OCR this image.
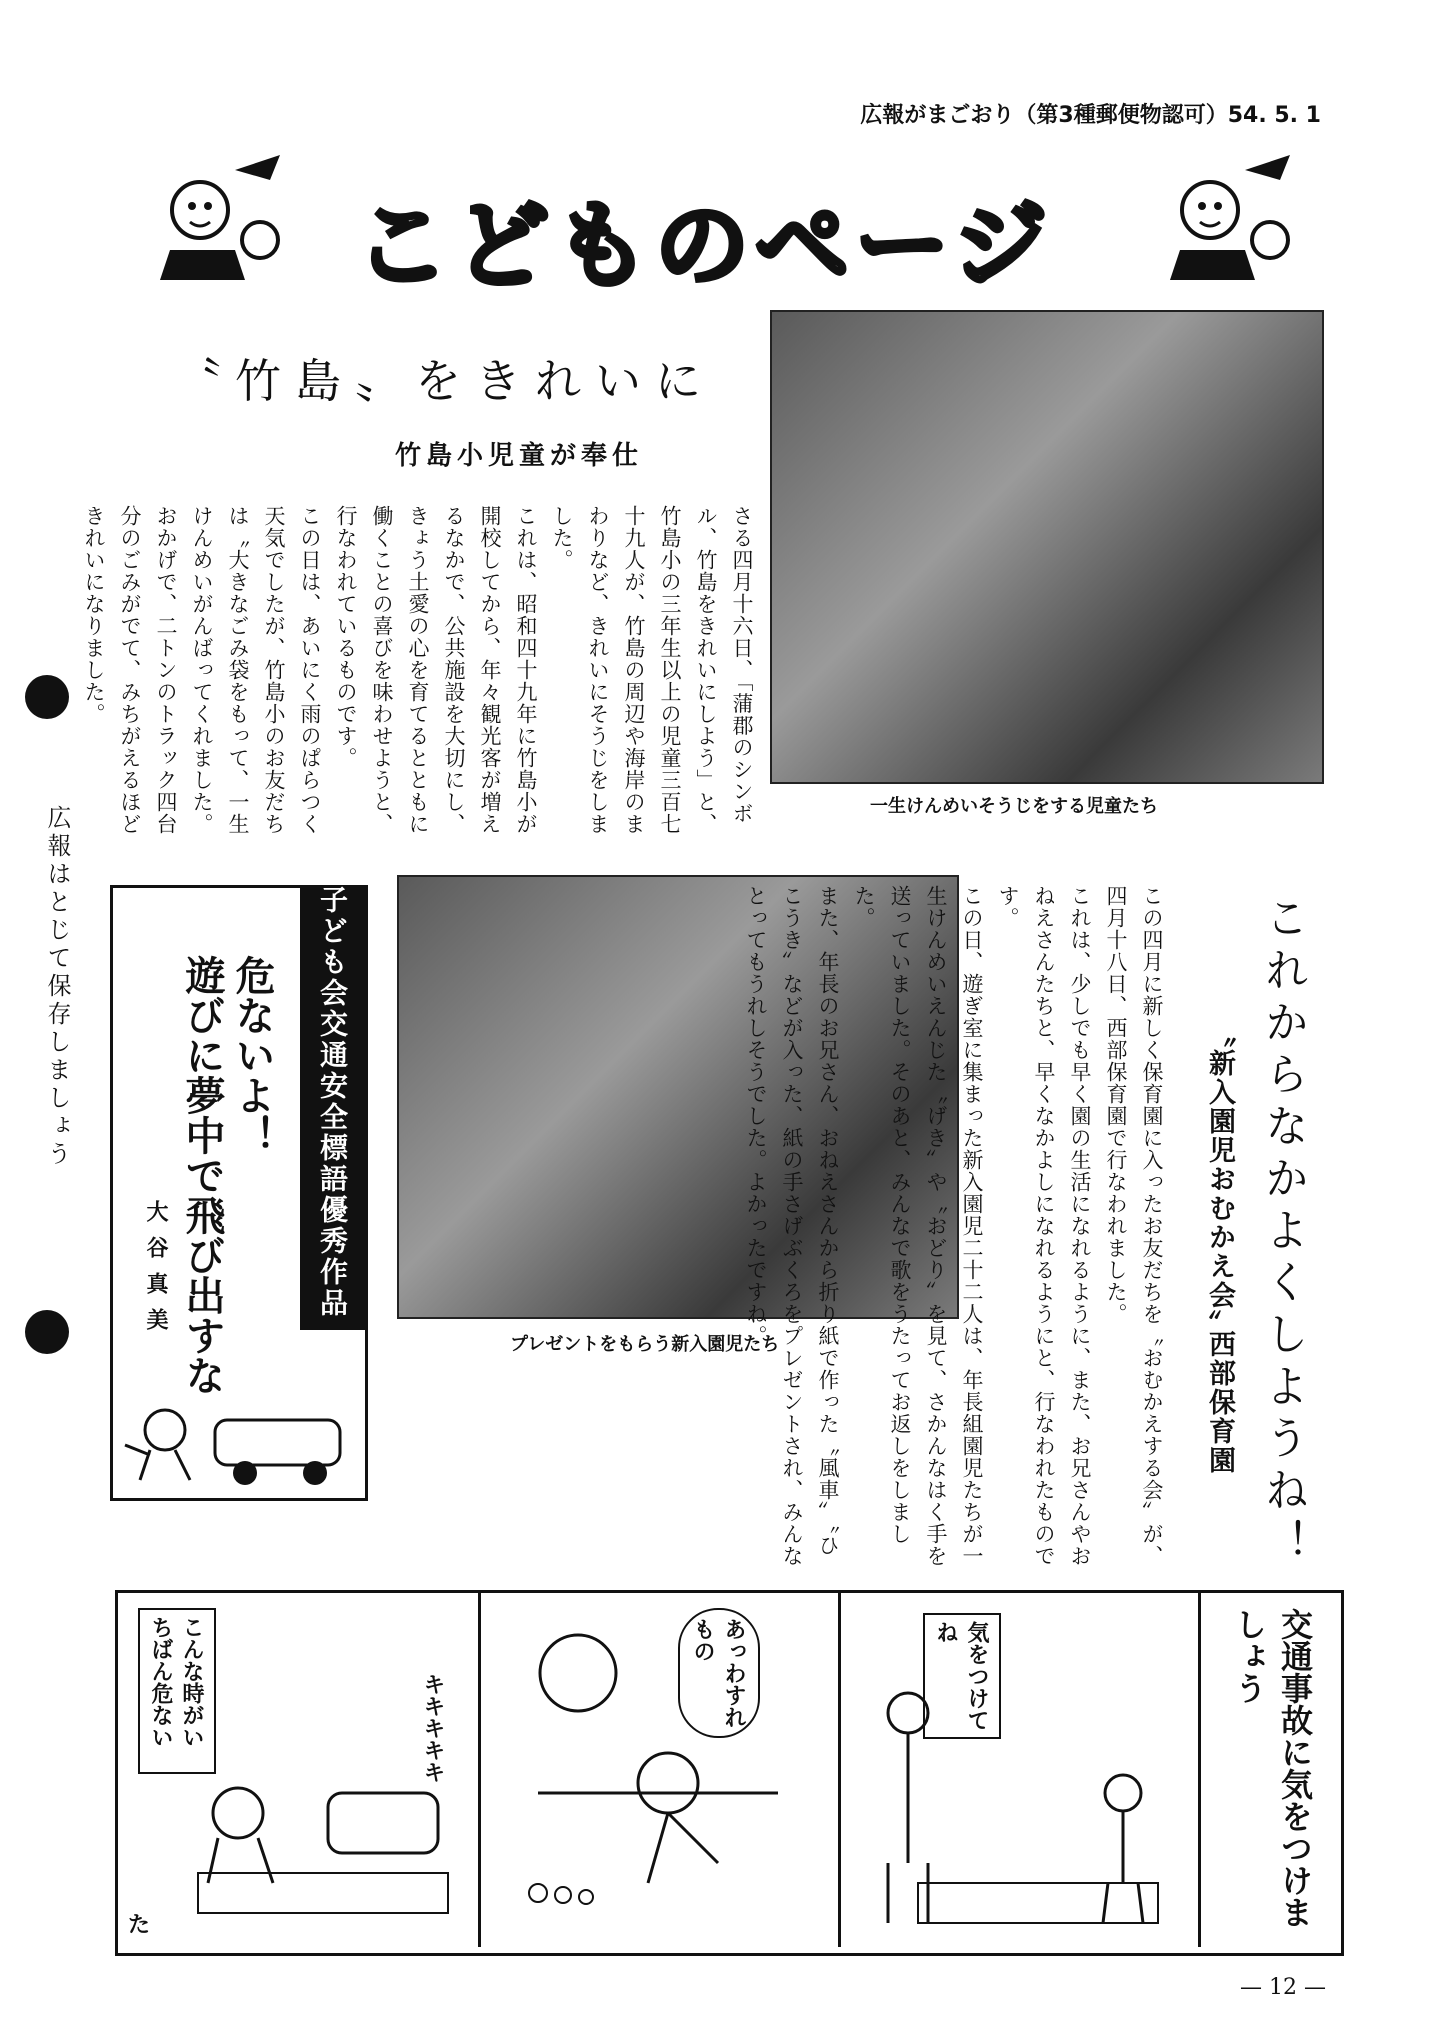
広報がまごおり（第3種郵便物認可）54. 5. 1
こどものページ
〝竹島〟をきれいに
竹島小児童が奉仕

さる四月十六日、「蒲郡のシンボル、竹島をきれいにしよう」と、竹島小の三年生以上の児童三百七十九人が、竹島の周辺や海岸のまわりなど、きれいにそうじをしました。

これは、昭和四十九年に竹島小が開校してから、年々観光客が増えるなかで、公共施設を大切にし、きょう土愛の心を育てるとともに働くことの喜びを味わせようと、行なわれているものです。

この日は、あいにく雨のぱらつく天気でしたが、竹島小のお友だちは〝大きなごみ袋をもって、一生けんめいがんばってくれました。

おかげで、二トンのトラック四台分のごみがでて、みちがえるほどきれいになりました。

一生けんめいそうじをする児童たち
広報はとじて保存しましょう	子ども会交通安全標語優秀作品
危ないよ！
遊びに夢中で飛び出すな
大谷真美
プレゼントをもらう新入園児たち	これからなかよくしようね！
〝新入園児おむかえ会〟
西部保育園

この四月に新しく保育園に入ったお友だちを〝おむかえする会〟が、四月十八日、西部保育園で行なわれました。

これは、少しでも早く園の生活になれるように、また、お兄さんやおねえさんたちと、早くなかよしになれるようにと、行なわれたものです。

この日、遊ぎ室に集まった新入園児二十二人は、年長組園児たちが一生けんめいえんじた〝げき〟や〝おどり〟を見て、さかんなはく手を送っていました。そのあと、みんなで歌をうたってお返しをしました。

また、年長のお兄さん、おねえさんから折り紙で作った〝風車〟〝ひこうき〟などが入った、紙の手さげぶくろをプレゼントされ、みんなとってもうれしそうでした。よかったですね。

こんな時がいちばん危ない	キキキキキ
た
あっわすれもの	気をつけてね	交通事故に気をつけましょう
— 12 —
